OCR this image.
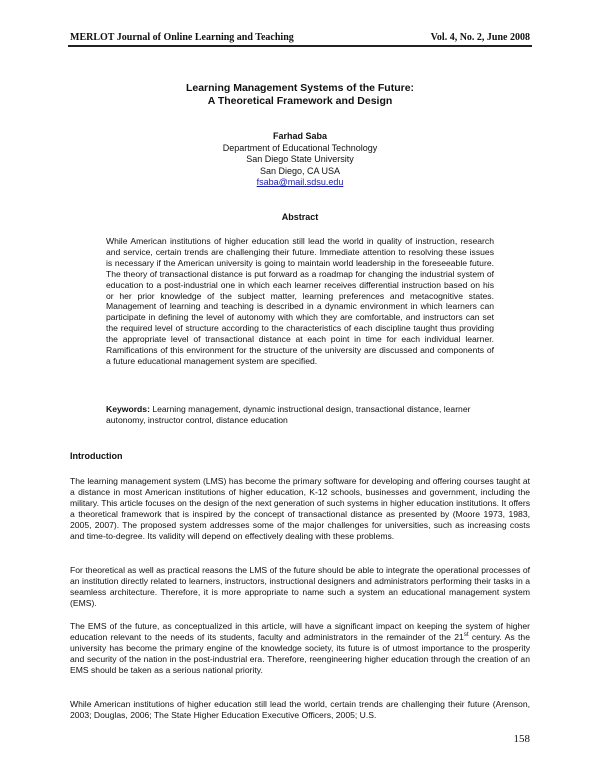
MERLOT Journal of Online Learning and Teaching	Vol. 4, No. 2, June 2008
Learning Management Systems of the Future:
A Theoretical Framework and Design
Farhad Saba
Department of Educational Technology
San Diego State University
San Diego, CA USA
fsaba@mail.sdsu.edu
Abstract
While American institutions of higher education still lead the world in quality of instruction, research and service, certain trends are challenging their future. Immediate attention to resolving these issues is necessary if the American university is going to maintain world leadership in the foreseeable future. The theory of transactional distance is put forward as a roadmap for changing the industrial system of education to a post-industrial one in which each learner receives differential instruction based on his or her prior knowledge of the subject matter, learning preferences and metacognitive states. Management of learning and teaching is described in a dynamic environment in which learners can participate in defining the level of autonomy with which they are comfortable, and instructors can set the required level of structure according to the characteristics of each discipline taught thus providing the appropriate level of transactional distance at each point in time for each individual learner. Ramifications of this environment for the structure of the university are discussed and components of a future educational management system are specified.
Keywords: Learning management, dynamic instructional design, transactional distance, learner autonomy, instructor control, distance education
Introduction
The learning management system (LMS) has become the primary software for developing and offering courses taught at a distance in most American institutions of higher education, K-12 schools, businesses and government, including the military. This article focuses on the design of the next generation of such systems in higher education institutions. It offers a theoretical framework that is inspired by the concept of transactional distance as presented by (Moore 1973, 1983, 2005, 2007). The proposed system addresses some of the major challenges for universities, such as increasing costs and time-to-degree. Its validity will depend on effectively dealing with these problems.
For theoretical as well as practical reasons the LMS of the future should be able to integrate the operational processes of an institution directly related to learners, instructors, instructional designers and administrators performing their tasks in a seamless architecture. Therefore, it is more appropriate to name such a system an educational management system (EMS).
The EMS of the future, as conceptualized in this article, will have a significant impact on keeping the system of higher education relevant to the needs of its students, faculty and administrators in the remainder of the 21st century. As the university has become the primary engine of the knowledge society, its future is of utmost importance to the prosperity and security of the nation in the post-industrial era. Therefore, reengineering higher education through the creation of an EMS should be taken as a serious national priority.
While American institutions of higher education still lead the world, certain trends are challenging their future (Arenson, 2003; Douglas, 2006; The State Higher Education Executive Officers, 2005; U.S.
158
